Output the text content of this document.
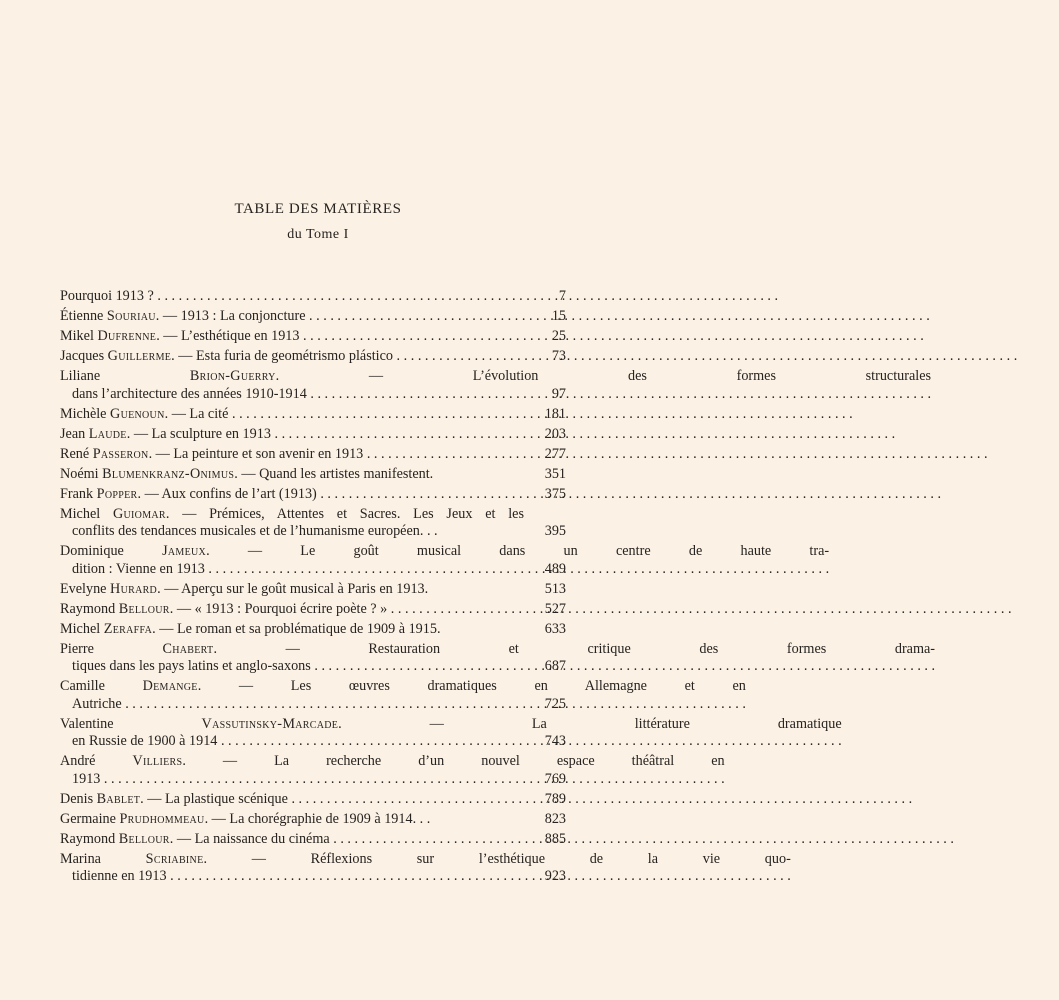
TABLE DES MATIÈRES
du Tome I
Pourquoi 1913 ? . . .	7
Étienne Souriau. — 1913 : La conjoncture . . .	15
Mikel Dufrenne. — L’esthétique en 1913 . . .	25
Jacques Guillerme. — Esta furia de geométrismo plástico . . .	73
Liliane Brion-Guerry. — L’évolution des formes structurales
dans l’architecture des années 1910-1914 . . .	97
Michèle Guenoun. — La cité . . .	181
Jean Laude. — La sculpture en 1913 . . .	203
René Passeron. — La peinture et son avenir en 1913 . . .	277
Noémi Blumenkranz-Onimus. — Quand les artistes manifestent.	351
Frank Popper. — Aux confins de l’art (1913) . . .	375
Michel Guiomar. — Prémices, Attentes et Sacres. Les Jeux et les
conflits des tendances musicales et de l’humanisme européen. . .	395
Dominique Jameux. — Le goût musical dans un centre de haute tra-
dition : Vienne en 1913 . . .	489
Evelyne Hurard. — Aperçu sur le goût musical à Paris en 1913.	513
Raymond Bellour. — « 1913 : Pourquoi écrire poète ? » . . .	527
Michel Zeraffa. — Le roman et sa problématique de 1909 à 1915.	633
Pierre Chabert. — Restauration et critique des formes drama-
tiques dans les pays latins et anglo-saxons . . .	687
Camille Demange. — Les œuvres dramatiques en Allemagne et en
Autriche . . .	725
Valentine Vassutinsky-Marcade. — La littérature dramatique
en Russie de 1900 à 1914 . . .	743
André Villiers. — La recherche d’un nouvel espace théâtral en
1913 . . .	769
Denis Bablet. — La plastique scénique . . .	789
Germaine Prudhommeau. — La chorégraphie de 1909 à 1914. . .	823
Raymond Bellour. — La naissance du cinéma . . .	885
Marina Scriabine. — Réflexions sur l’esthétique de la vie quo-
tidienne en 1913 . . .	923
